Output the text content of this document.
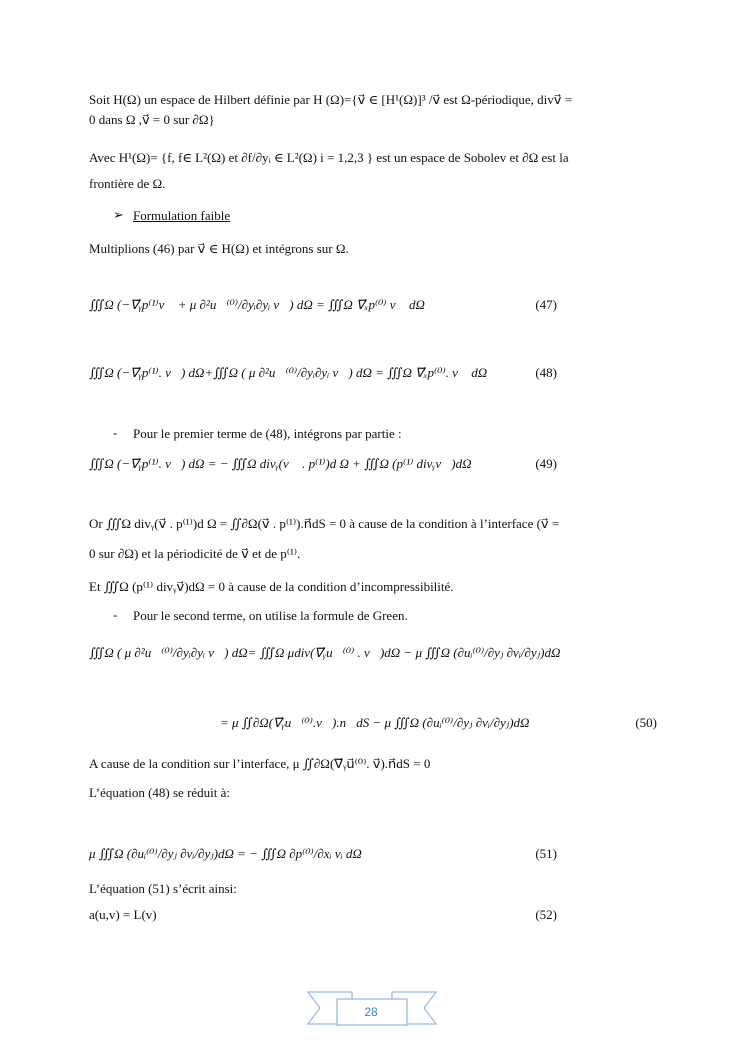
Soit H(Ω) un espace de Hilbert définie par H (Ω)={v⃗ ∈ [H¹(Ω)]³ /v⃗ est Ω-périodique, divv⃗ =
0 dans Ω ,v⃗ = 0 sur ∂Ω}
Avec H¹(Ω)= {f, f∈ L²(Ω) et ∂f/∂yᵢ ∈ L²(Ω) i = 1,2,3 } est un espace de Sobolev et ∂Ω est la
frontière de Ω.
➢ Formulation faible
Multiplions (46) par v⃗ ∈ H(Ω) et intégrons sur Ω.
∭Ω (−∇⃗ᵧp⁽¹⁾v⃗ + μ ∂²u⃗⁽⁰⁾/∂yᵢ∂yᵢ v⃗) dΩ = ∭Ω ∇⃗ₓp⁽⁰⁾ v⃗ dΩ	(47)
∭Ω (−∇⃗ᵧp⁽¹⁾. v⃗) dΩ+∭Ω ( μ ∂²u⃗⁽⁰⁾/∂yᵢ∂yᵢ v⃗) dΩ = ∭Ω ∇⃗ₓp⁽⁰⁾. v⃗ dΩ	(48)
- Pour le premier terme de (48), intégrons par partie :
∭Ω (−∇⃗ᵧp⁽¹⁾. v⃗) dΩ = − ∭Ω divᵧ(v⃗ . p⁽¹⁾)d Ω + ∭Ω (p⁽¹⁾ divᵧv⃗)dΩ	(49)
Or ∭Ω divᵧ(v⃗ . p⁽¹⁾)d Ω = ∬∂Ω(v⃗ . p⁽¹⁾).n⃗dS = 0 à cause de la condition à l’interface (v⃗ =
0 sur ∂Ω) et la périodicité de v⃗ et de p⁽¹⁾.
Et ∭Ω (p⁽¹⁾ divᵧv⃗)dΩ = 0 à cause de la condition d’incompressibilité.
- Pour le second terme, on utilise la formule de Green.
∭Ω ( μ ∂²u⃗⁽⁰⁾/∂yᵢ∂yᵢ v⃗) dΩ= ∭Ω μdiv(∇⃗ᵧu⃗⁽⁰⁾ . v⃗)dΩ − μ ∭Ω (∂uᵢ⁽⁰⁾/∂yⱼ ∂vᵢ/∂yⱼ)dΩ
= μ ∬∂Ω(∇⃗ᵧu⃗⁽⁰⁾.v⃗).n⃗dS − μ ∭Ω (∂uᵢ⁽⁰⁾/∂yⱼ ∂vᵢ/∂yⱼ)dΩ	(50)
A cause de la condition sur l’interface, μ ∬∂Ω(∇⃗ᵧu⃗⁽⁰⁾. v⃗).n⃗dS = 0
L’équation (48) se réduit à:
μ ∭Ω (∂uᵢ⁽⁰⁾/∂yⱼ ∂vᵢ/∂yⱼ)dΩ = − ∭Ω ∂p⁽⁰⁾/∂xᵢ vᵢ dΩ	(51)
L’équation (51) s’écrit ainsi:
a(u,v) = L(v)	(52)
28
